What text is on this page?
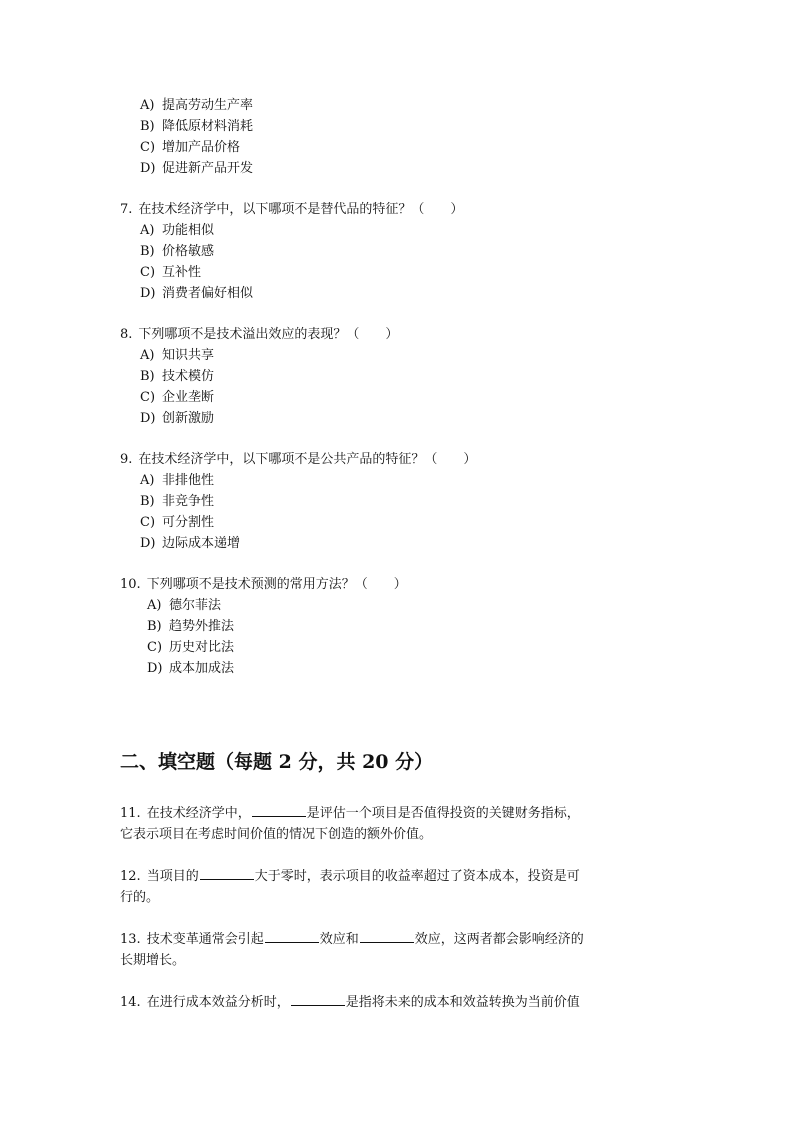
A) 提高劳动生产率
B) 降低原材料消耗
C) 增加产品价格
D) 促进新产品开发
7. 在技术经济学中，以下哪项不是替代品的特征？（　　）
A) 功能相似
B) 价格敏感
C) 互补性
D) 消费者偏好相似
8. 下列哪项不是技术溢出效应的表现？（　　）
A) 知识共享
B) 技术模仿
C) 企业垄断
D) 创新激励
9. 在技术经济学中，以下哪项不是公共产品的特征？（　　）
A) 非排他性
B) 非竞争性
C) 可分割性
D) 边际成本递增
10. 下列哪项不是技术预测的常用方法？（　　）
A) 德尔菲法
B) 趋势外推法
C) 历史对比法
D) 成本加成法
二、填空题（每题 2 分，共 20 分）
11. 在技术经济学中，	是评估一个项目是否值得投资的关键财务指标，
它表示项目在考虑时间价值的情况下创造的额外价值。
12. 当项目的	大于零时，表示项目的收益率超过了资本成本，投资是可
行的。
13. 技术变革通常会引起	效应和	效应，这两者都会影响经济的
长期增长。
14. 在进行成本效益分析时，	是指将未来的成本和效益转换为当前价值
